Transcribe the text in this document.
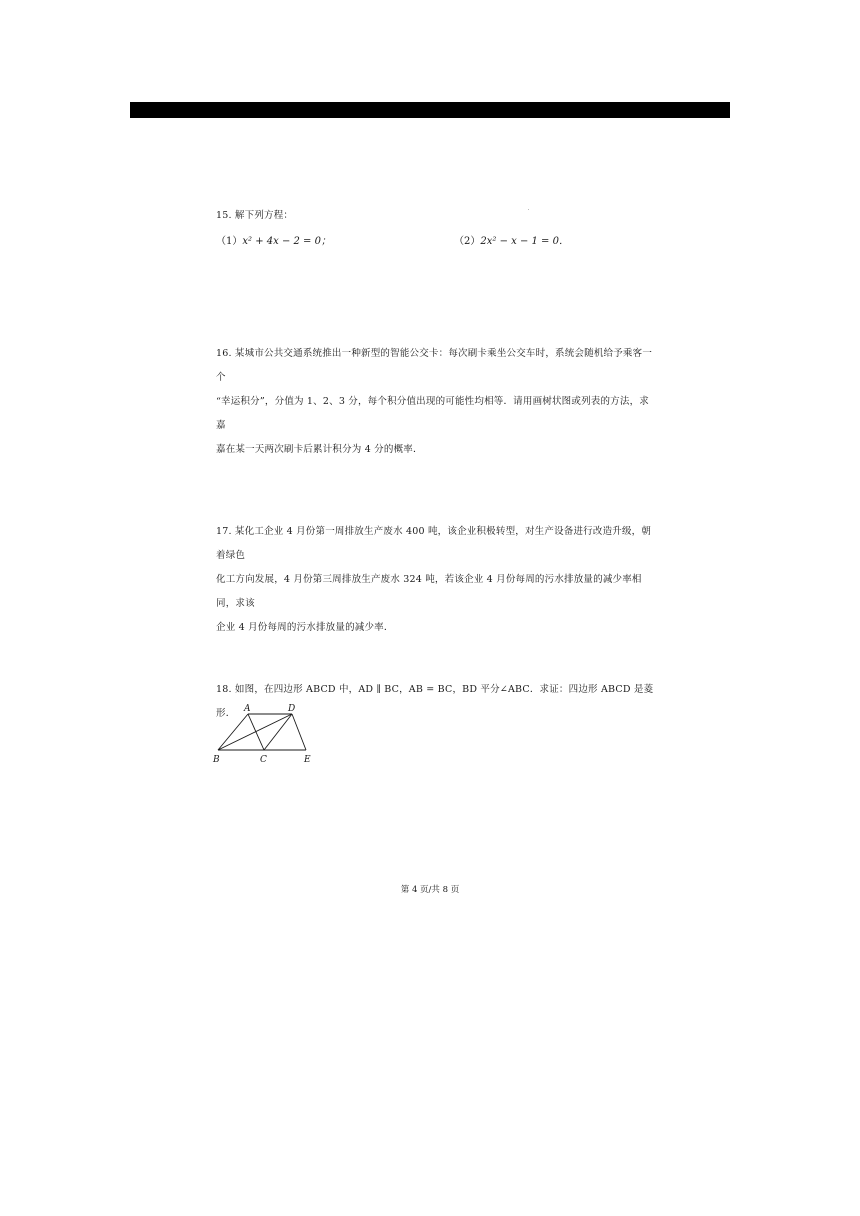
15. 解下列方程：

（1）x² + 4x − 2 = 0；	（2）2x² − x − 1 = 0．

16. 某城市公共交通系统推出一种新型的智能公交卡：每次刷卡乘坐公交车时，系统会随机给予乘客一个

“幸运积分”，分值为 1、2、3 分，每个积分值出现的可能性均相等．请用画树状图或列表的方法，求嘉

嘉在某一天两次刷卡后累计积分为 4 分的概率．

17. 某化工企业 4 月份第一周排放生产废水 400 吨，该企业积极转型，对生产设备进行改造升级，朝着绿色

化工方向发展，4 月份第三周排放生产废水 324 吨，若该企业 4 月份每周的污水排放量的减少率相同，求该

企业 4 月份每周的污水排放量的减少率．

18. 如图，在四边形 ABCD 中，AD ∥ BC，AB = BC，BD 平分∠ABC．求证：四边形 ABCD 是菱形． A	D
B	C	E
第 4 页/共 8 页
